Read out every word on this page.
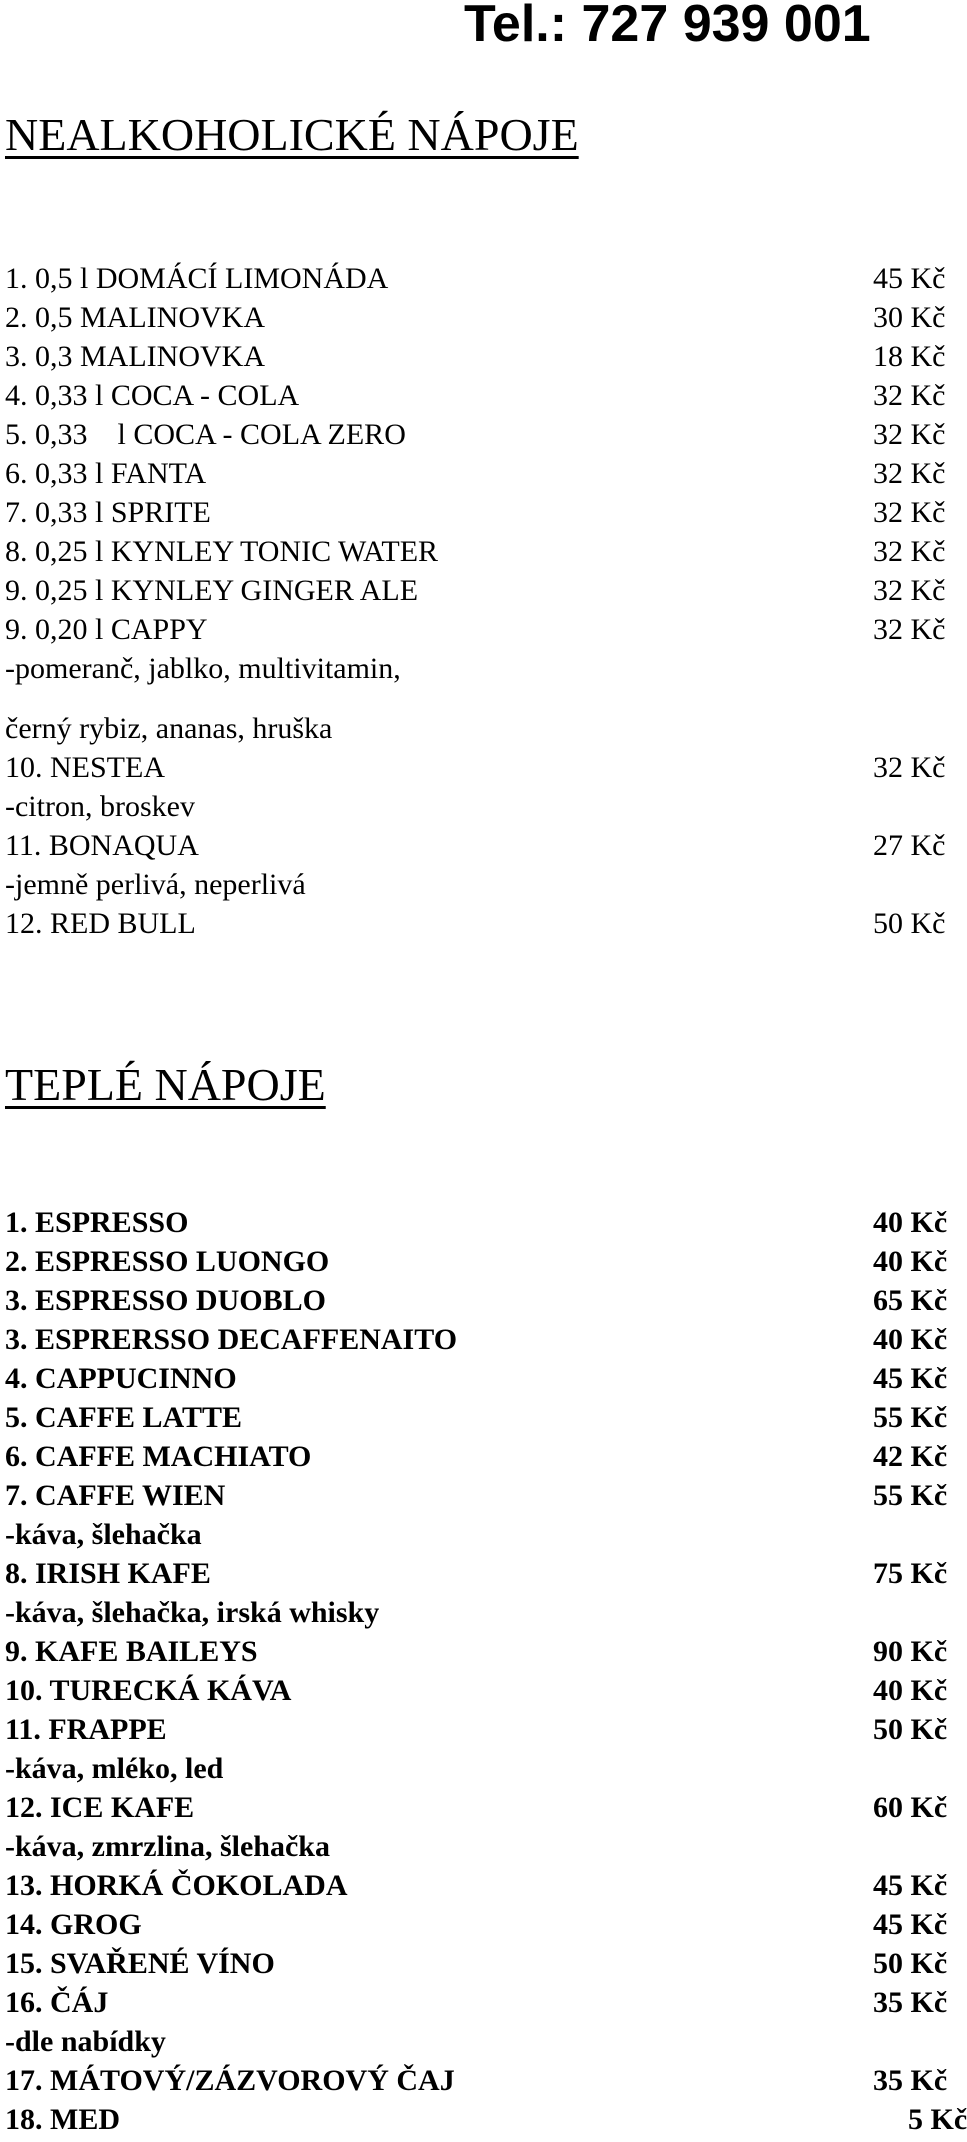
Tel.: 727 939 001
NEALKOHOLICKÉ NÁPOJE
1. 0,5 l DOMÁCÍ LIMONÁDA	45 Kč
2. 0,5 MALINOVKA	30 Kč
3. 0,3 MALINOVKA	18 Kč
4. 0,33 l COCA - COLA	32 Kč
5. 0,33    l COCA - COLA ZERO	32 Kč
6. 0,33 l FANTA	32 Kč
7. 0,33 l SPRITE	32 Kč
8. 0,25 l KYNLEY TONIC WATER	32 Kč
9. 0,25 l KYNLEY GINGER ALE	32 Kč
9. 0,20 l CAPPY	32 Kč
-pomeranč, jablko, multivitamin,
černý rybiz, ananas, hruška
10. NESTEA	32 Kč
-citron, broskev
11. BONAQUA	27 Kč
-jemně perlivá, neperlivá
12. RED BULL	50 Kč
TEPLÉ NÁPOJE
1. ESPRESSO	40 Kč
2. ESPRESSO LUONGO	40 Kč
3. ESPRESSO DUOBLO	65 Kč
3. ESPRERSSO DECAFFENAITO	40 Kč
4. CAPPUCINNO	45 Kč
5. CAFFE LATTE	55 Kč
6. CAFFE MACHIATO	42 Kč
7. CAFFE WIEN	55 Kč
-káva, šlehačka
8. IRISH KAFE	75 Kč
-káva, šlehačka, irská whisky
9. KAFE BAILEYS	90 Kč
10. TURECKÁ KÁVA	40 Kč
11. FRAPPE	50 Kč
-káva, mléko, led
12. ICE KAFE	60 Kč
-káva, zmrzlina, šlehačka
13. HORKÁ ČOKOLADA	45 Kč
14. GROG	45 Kč
15. SVAŘENÉ VÍNO	50 Kč
16. ČÁJ	35 Kč
-dle nabídky
17. MÁTOVÝ/ZÁZVOROVÝ ČAJ	35 Kč
18. MED	5 Kč
